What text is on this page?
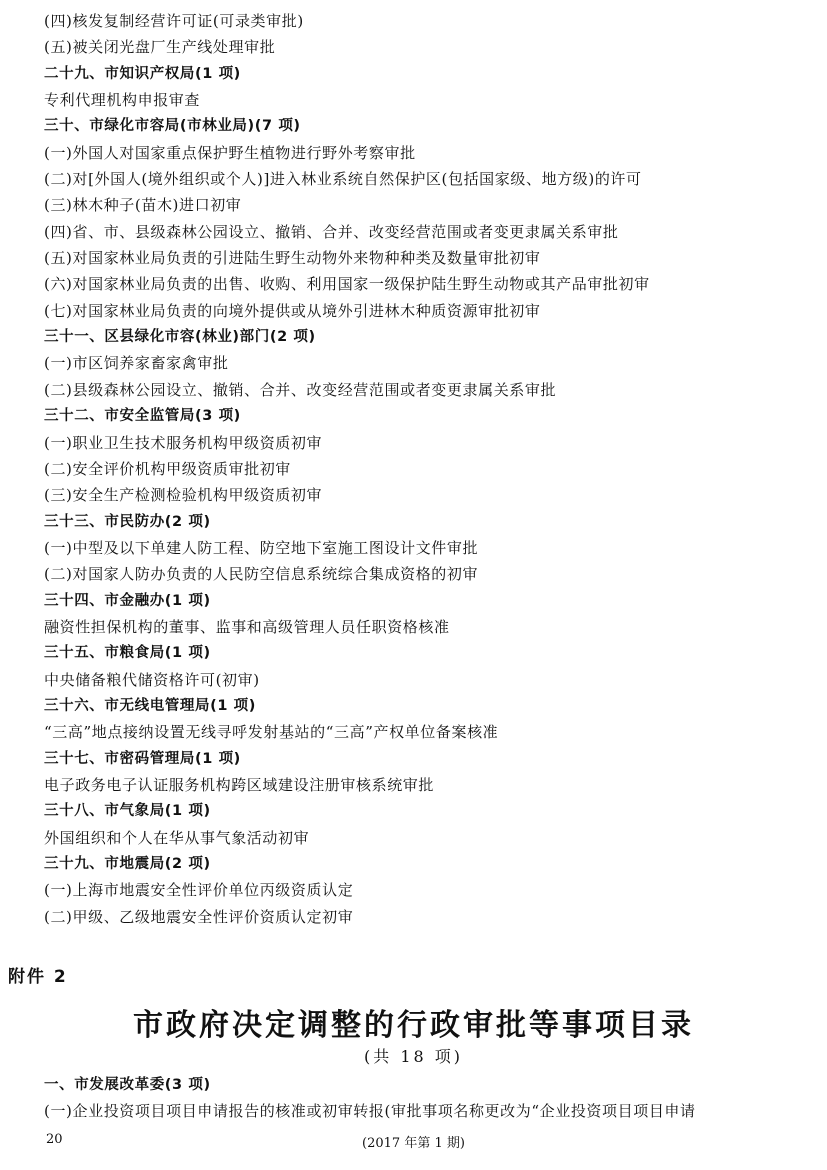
(四)核发复制经营许可证(可录类审批)
(五)被关闭光盘厂生产线处理审批
二十九、市知识产权局(1 项)
专利代理机构申报审查
三十、市绿化市容局(市林业局)(7 项)
(一)外国人对国家重点保护野生植物进行野外考察审批
(二)对[外国人(境外组织或个人)]进入林业系统自然保护区(包括国家级、地方级)的许可
(三)林木种子(苗木)进口初审
(四)省、市、县级森林公园设立、撤销、合并、改变经营范围或者变更隶属关系审批
(五)对国家林业局负责的引进陆生野生动物外来物种种类及数量审批初审
(六)对国家林业局负责的出售、收购、利用国家一级保护陆生野生动物或其产品审批初审
(七)对国家林业局负责的向境外提供或从境外引进林木种质资源审批初审
三十一、区县绿化市容(林业)部门(2 项)
(一)市区饲养家畜家禽审批
(二)县级森林公园设立、撤销、合并、改变经营范围或者变更隶属关系审批
三十二、市安全监管局(3 项)
(一)职业卫生技术服务机构甲级资质初审
(二)安全评价机构甲级资质审批初审
(三)安全生产检测检验机构甲级资质初审
三十三、市民防办(2 项)
(一)中型及以下单建人防工程、防空地下室施工图设计文件审批
(二)对国家人防办负责的人民防空信息系统综合集成资格的初审
三十四、市金融办(1 项)
融资性担保机构的董事、监事和高级管理人员任职资格核准
三十五、市粮食局(1 项)
中央储备粮代储资格许可(初审)
三十六、市无线电管理局(1 项)
“三高”地点接纳设置无线寻呼发射基站的“三高”产权单位备案核准
三十七、市密码管理局(1 项)
电子政务电子认证服务机构跨区域建设注册审核系统审批
三十八、市气象局(1 项)
外国组织和个人在华从事气象活动初审
三十九、市地震局(2 项)
(一)上海市地震安全性评价单位丙级资质认定
(二)甲级、乙级地震安全性评价资质认定初审
附件 2
市政府决定调整的行政审批等事项目录
(共 18 项)
一、市发展改革委(3 项)
(一)企业投资项目项目申请报告的核准或初审转报(审批事项名称更改为“企业投资项目项目申请
20	(2017 年第 1 期)
